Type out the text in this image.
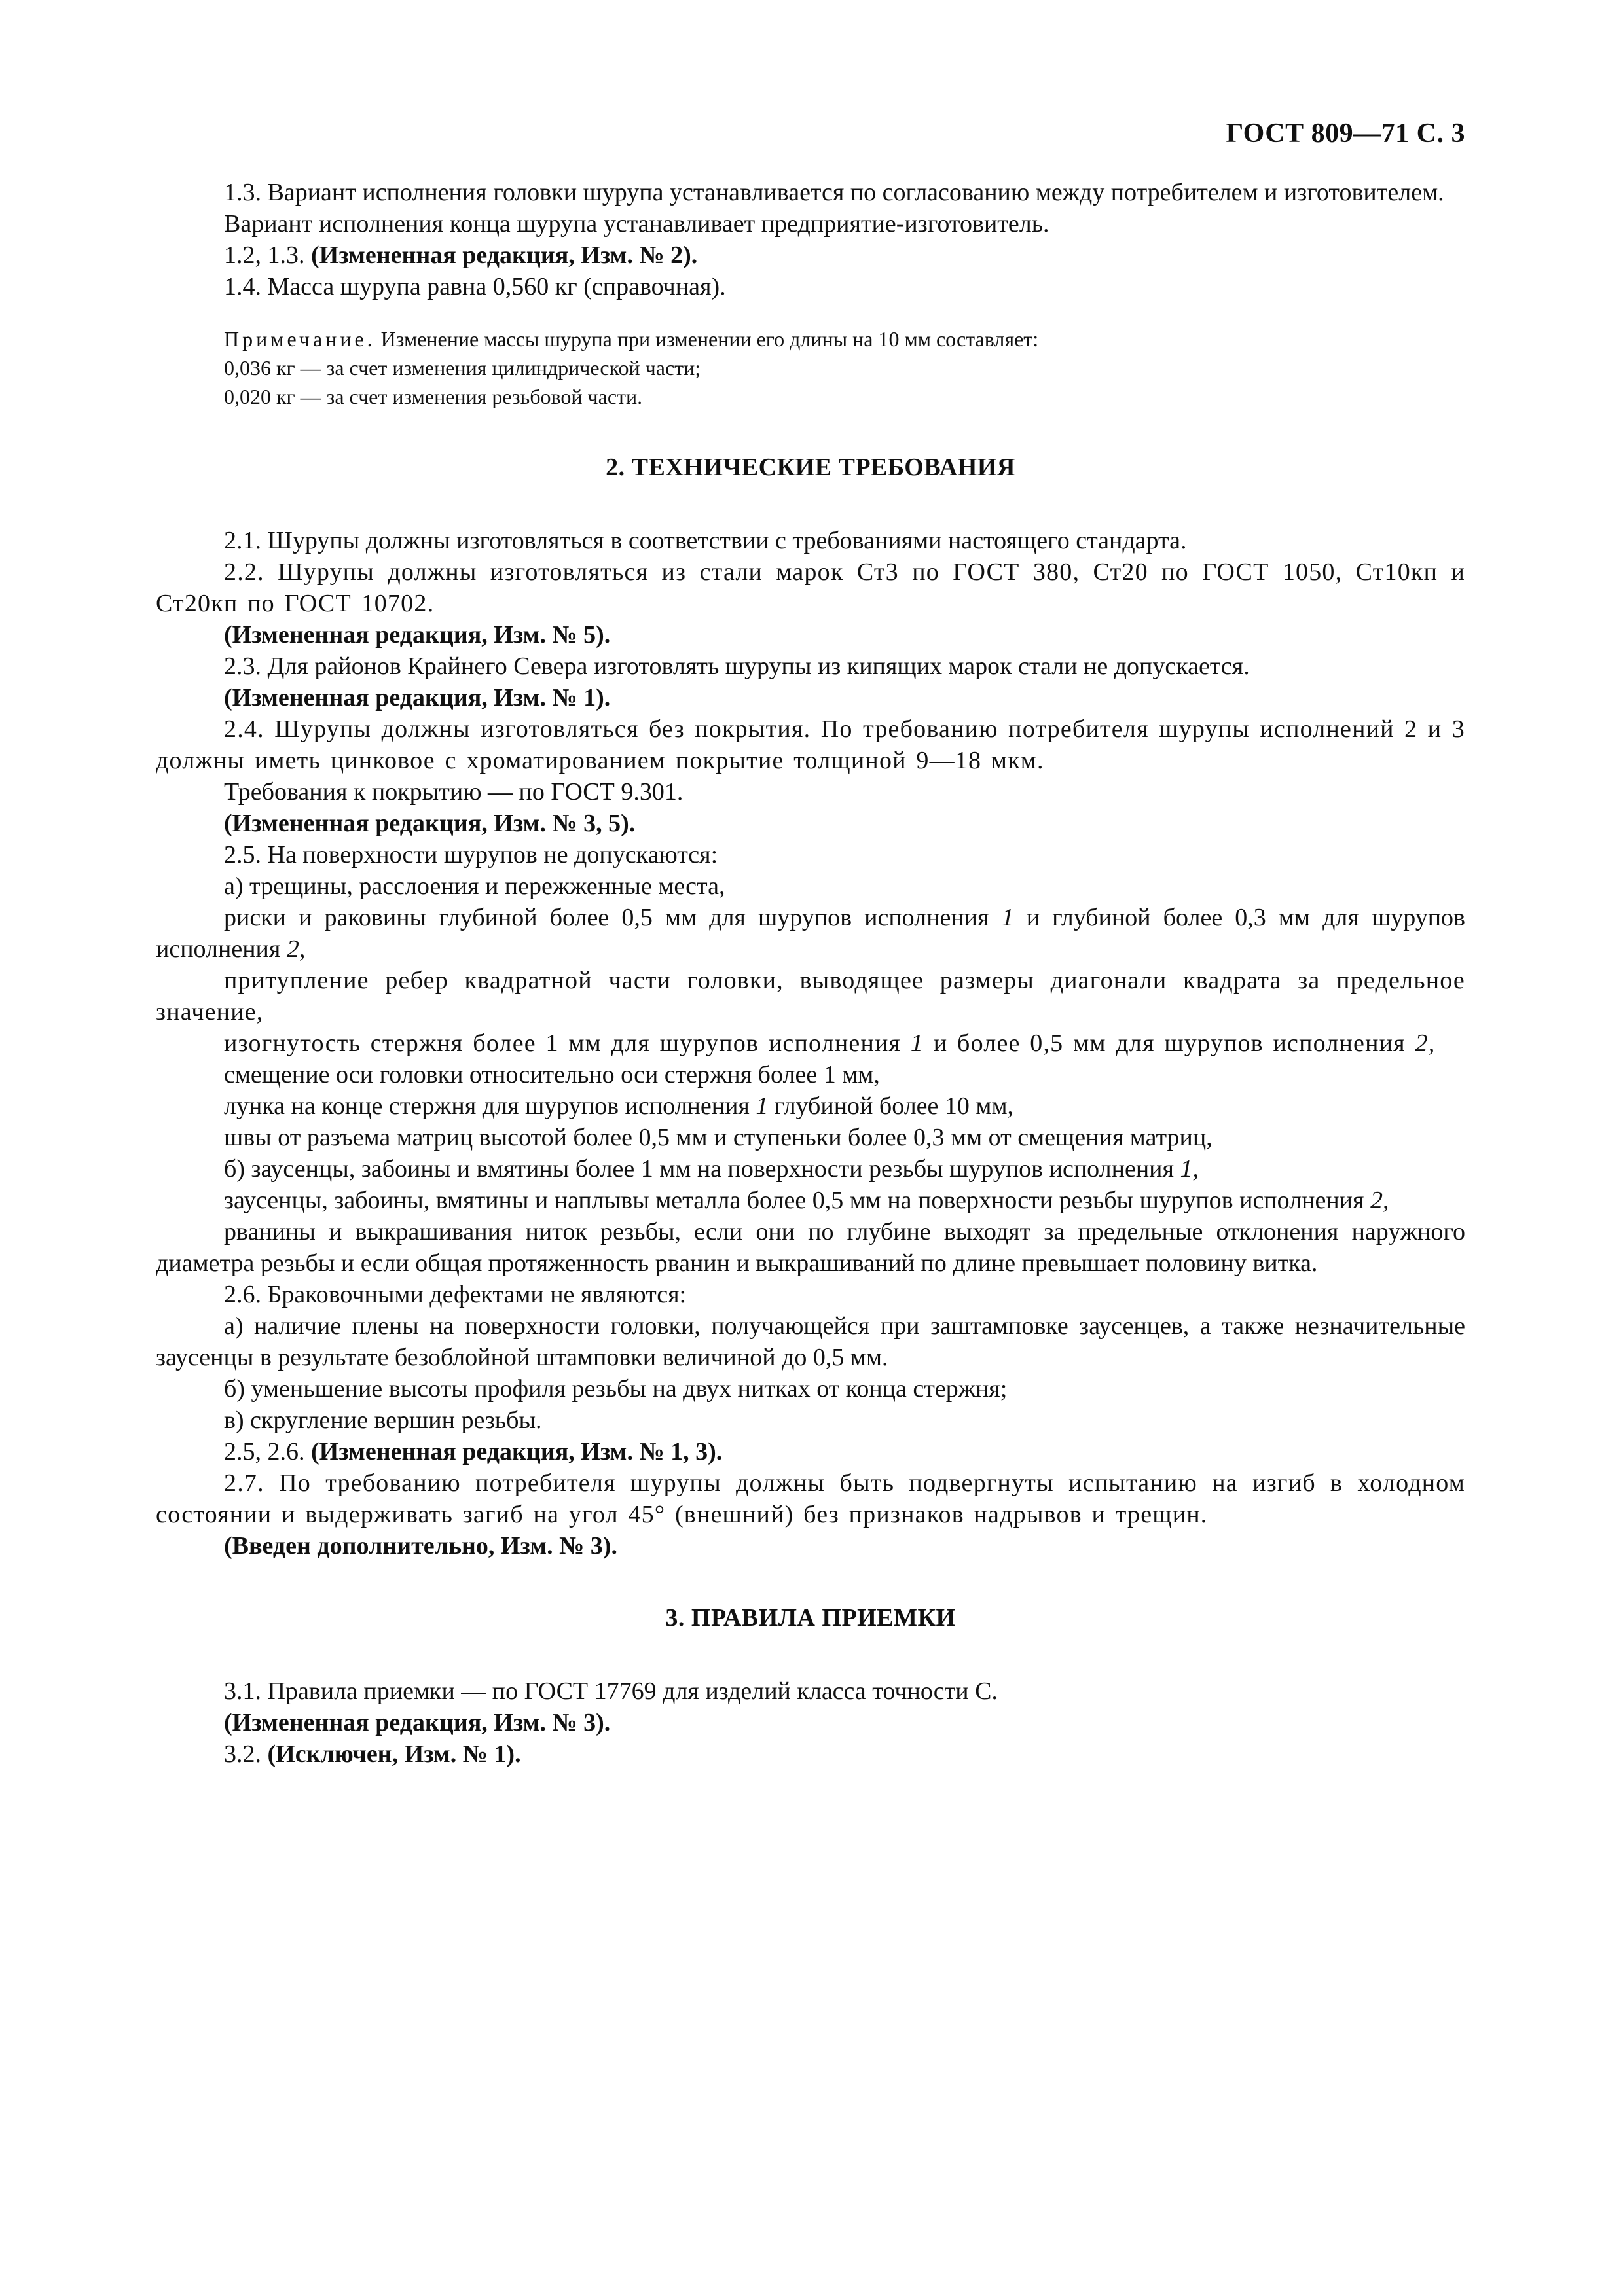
ГОСТ 809—71 С. 3

1.3. Вариант исполнения головки шурупа устанавливается по согласованию между потребителем и изготовителем.

Вариант исполнения конца шурупа устанавливает предприятие-изготовитель.

1.2, 1.3. (Измененная редакция, Изм. № 2).

1.4. Масса шурупа равна 0,560 кг (справочная).

Примечание. Изменение массы шурупа при изменении его длины на 10 мм составляет:

0,036 кг — за счет изменения цилиндрической части;

0,020 кг — за счет изменения резьбовой части.

2. ТЕХНИЧЕСКИЕ ТРЕБОВАНИЯ

2.1. Шурупы должны изготовляться в соответствии с требованиями настоящего стандарта.

2.2. Шурупы должны изготовляться из стали марок Ст3 по ГОСТ 380, Ст20 по ГОСТ 1050, Ст10кп и Ст20кп по ГОСТ 10702.

(Измененная редакция, Изм. № 5).

2.3. Для районов Крайнего Севера изготовлять шурупы из кипящих марок стали не допускается.

(Измененная редакция, Изм. № 1).

2.4. Шурупы должны изготовляться без покрытия. По требованию потребителя шурупы исполнений 2 и 3 должны иметь цинковое с хроматированием покрытие толщиной 9—18 мкм.

Требования к покрытию — по ГОСТ 9.301.

(Измененная редакция, Изм. № 3, 5).

2.5. На поверхности шурупов не допускаются:

а) трещины, расслоения и пережженные места,

риски и раковины глубиной более 0,5 мм для шурупов исполнения 1 и глубиной более 0,3 мм для шурупов исполнения 2,

притупление ребер квадратной части головки, выводящее размеры диагонали квадрата за предельное значение,

изогнутость стержня более 1 мм для шурупов исполнения 1 и более 0,5 мм для шурупов исполнения 2,

смещение оси головки относительно оси стержня более 1 мм,

лунка на конце стержня для шурупов исполнения 1 глубиной более 10 мм,

швы от разъема матриц высотой более 0,5 мм и ступеньки более 0,3 мм от смещения матриц,

б) заусенцы, забоины и вмятины более 1 мм на поверхности резьбы шурупов исполнения 1,

заусенцы, забоины, вмятины и наплывы металла более 0,5 мм на поверхности резьбы шурупов исполнения 2,

рванины и выкрашивания ниток резьбы, если они по глубине выходят за предельные отклонения наружного диаметра резьбы и если общая протяженность рванин и выкрашиваний по длине превышает половину витка.

2.6. Браковочными дефектами не являются:

а) наличие плены на поверхности головки, получающейся при заштамповке заусенцев, а также незначительные заусенцы в результате безоблойной штамповки величиной до 0,5 мм.

б) уменьшение высоты профиля резьбы на двух нитках от конца стержня;

в) скругление вершин резьбы.

2.5, 2.6. (Измененная редакция, Изм. № 1, 3).

2.7. По требованию потребителя шурупы должны быть подвергнуты испытанию на изгиб в холодном состоянии и выдерживать загиб на угол 45° (внешний) без признаков надрывов и трещин.

(Введен дополнительно, Изм. № 3).

3. ПРАВИЛА ПРИЕМКИ

3.1. Правила приемки — по ГОСТ 17769 для изделий класса точности С.

(Измененная редакция, Изм. № 3).

3.2. (Исключен, Изм. № 1).
